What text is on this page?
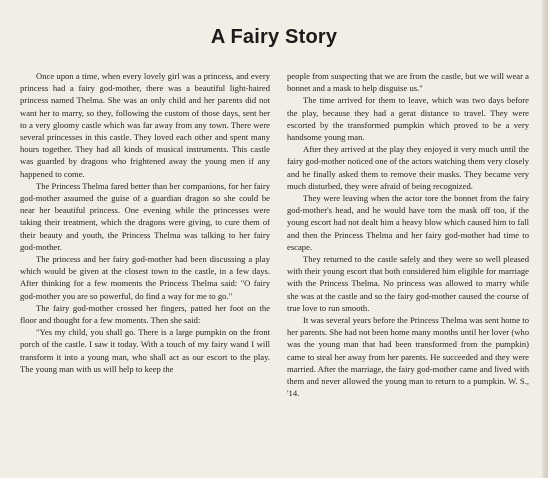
A Fairy Story

Once upon a time, when every lovely girl was a princess, and every princess had a fairy god-mother, there was a beautiful light-haired princess named Thelma. She was an only child and her parents did not want her to marry, so they, following the custom of those days, sent her to a very gloomy castle which was far away from any town. There were several princesses in this castle. They loved each other and spent many hours together. They had all kinds of musical instruments. This castle was guarded by dragons who frightened away the young men if any happened to come.

The Princess Thelma fared better than her companions, for her fairy god-mother assumed the guise of a guardian dragon so she could be near her beautiful princess. One evening while the princesses were taking their treatment, which the dragons were giving, to cure them of their beauty and youth, the Princess Thelma was talking to her fairy god-mother.

The princess and her fairy god-mother had been discussing a play which would be given at the closest town to the castle, in a few days. After thinking for a few moments the Princess Thelma said: "O fairy god-mother you are so powerful, do find a way for me to go."

The fairy god-mother crossed her fingers, patted her foot on the floor and thought for a few moments. Then she said:

"Yes my child, you shall go. There is a large pumpkin on the front porch of the castle. I saw it today. With a touch of my fairy wand I will transform it into a young man, who shall act as our escort to the play. The young man with us will help to keep the

people from suspecting that we are from the castle, but we will wear a bonnet and a mask to help disguise us."

The time arrived for them to leave, which was two days before the play, because they had a gerat distance to travel. They were escorted by the transformed pumpkin which proved to be a very handsome young man.

After they arrived at the play they enjoyed it very much until the fairy god-mother noticed one of the actors watching them very closely and he finally asked them to remove their masks. They became very much disturbed, they were afraid of being recognized.

They were leaving when the actor tore the bonnet from the fairy god-mother's head, and he would have torn the mask off too, if the young escort had not dealt him a heavy blow which caused him to fall and then the Princess Thelma and her fairy god-mother had time to escape.

They returned to the castle safely and they were so well pleased with their young escort that both considered him eligible for marriage with the Princess Thelma. No princess was allowed to marry while she was at the castle and so the fairy god-mother caused the course of true love to run smooth.

It was several years before the Princess Thelma was sent home to her parents. She had not been home many months until her lover (who was the young man that had been transformed from the pumpkin) came to steal her away from her parents. He succeeded and they were married. After the marriage, the fairy god-mother came and lived with them and never allowed the young man to return to a pumpkin. W. S., '14.
